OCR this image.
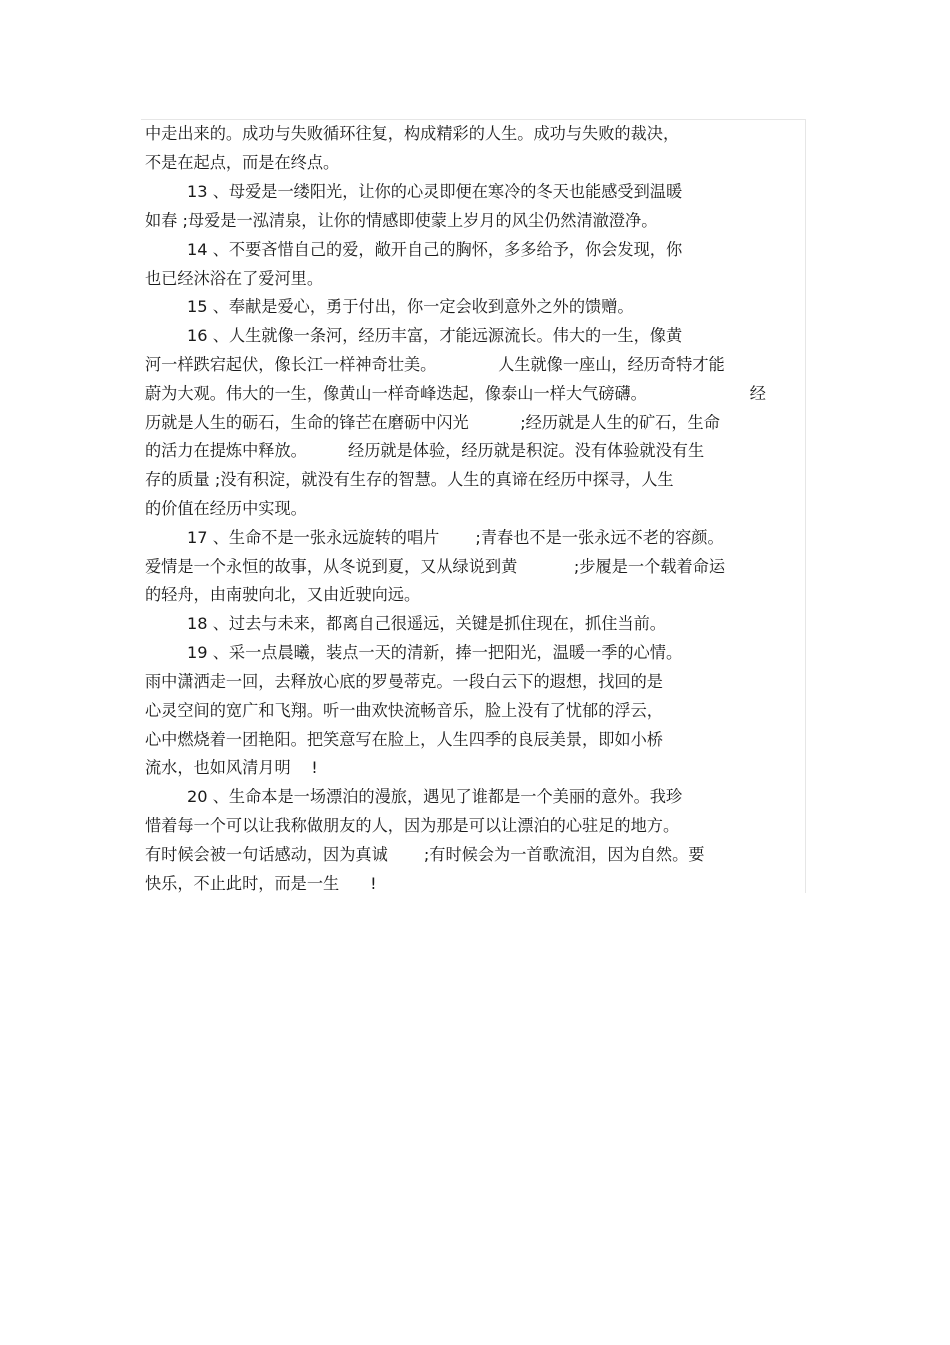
中走出来的。成功与失败循环往复，构成精彩的人生。成功与失败的裁决，
不是在起点，而是在终点。
13 、母爱是一缕阳光，让你的心灵即便在寒冷的冬天也能感受到温暖
如春 ;母爱是一泓清泉，让你的情感即使蒙上岁月的风尘仍然清澈澄净。
14 、不要吝惜自己的爱，敞开自己的胸怀，多多给予，你会发现，你
也已经沐浴在了爱河里。
15 、奉献是爱心，勇于付出，你一定会收到意外之外的馈赠。
16 、人生就像一条河，经历丰富，才能远源流长。伟大的一生，像黄
河一样跌宕起伏，像长江一样神奇壮美。            人生就像一座山，经历奇特才能
蔚为大观。伟大的一生，像黄山一样奇峰迭起，像泰山一样大气磅礴。                    经
历就是人生的砺石，生命的锋芒在磨砺中闪光          ;经历就是人生的矿石，生命
的活力在提炼中释放。        经历就是体验，经历就是积淀。没有体验就没有生
存的质量 ;没有积淀，就没有生存的智慧。人生的真谛在经历中探寻，人生
的价值在经历中实现。
17 、生命不是一张永远旋转的唱片       ;青春也不是一张永远不老的容颜。
爱情是一个永恒的故事，从冬说到夏，又从绿说到黄           ;步履是一个载着命运
的轻舟，由南驶向北，又由近驶向远。
18 、过去与未来，都离自己很遥远，关键是抓住现在，抓住当前。
19 、采一点晨曦，装点一天的清新，捧一把阳光，温暖一季的心情。
雨中潇洒走一回，去释放心底的罗曼蒂克。一段白云下的遐想，找回的是
心灵空间的宽广和飞翔。听一曲欢快流畅音乐，脸上没有了忧郁的浮云，
心中燃烧着一团艳阳。把笑意写在脸上，人生四季的良辰美景，即如小桥
流水，也如风清月明    !
20 、生命本是一场漂泊的漫旅，遇见了谁都是一个美丽的意外。我珍
惜着每一个可以让我称做朋友的人，因为那是可以让漂泊的心驻足的地方。
有时候会被一句话感动，因为真诚       ;有时候会为一首歌流泪，因为自然。要
快乐，不止此时，而是一生      !
